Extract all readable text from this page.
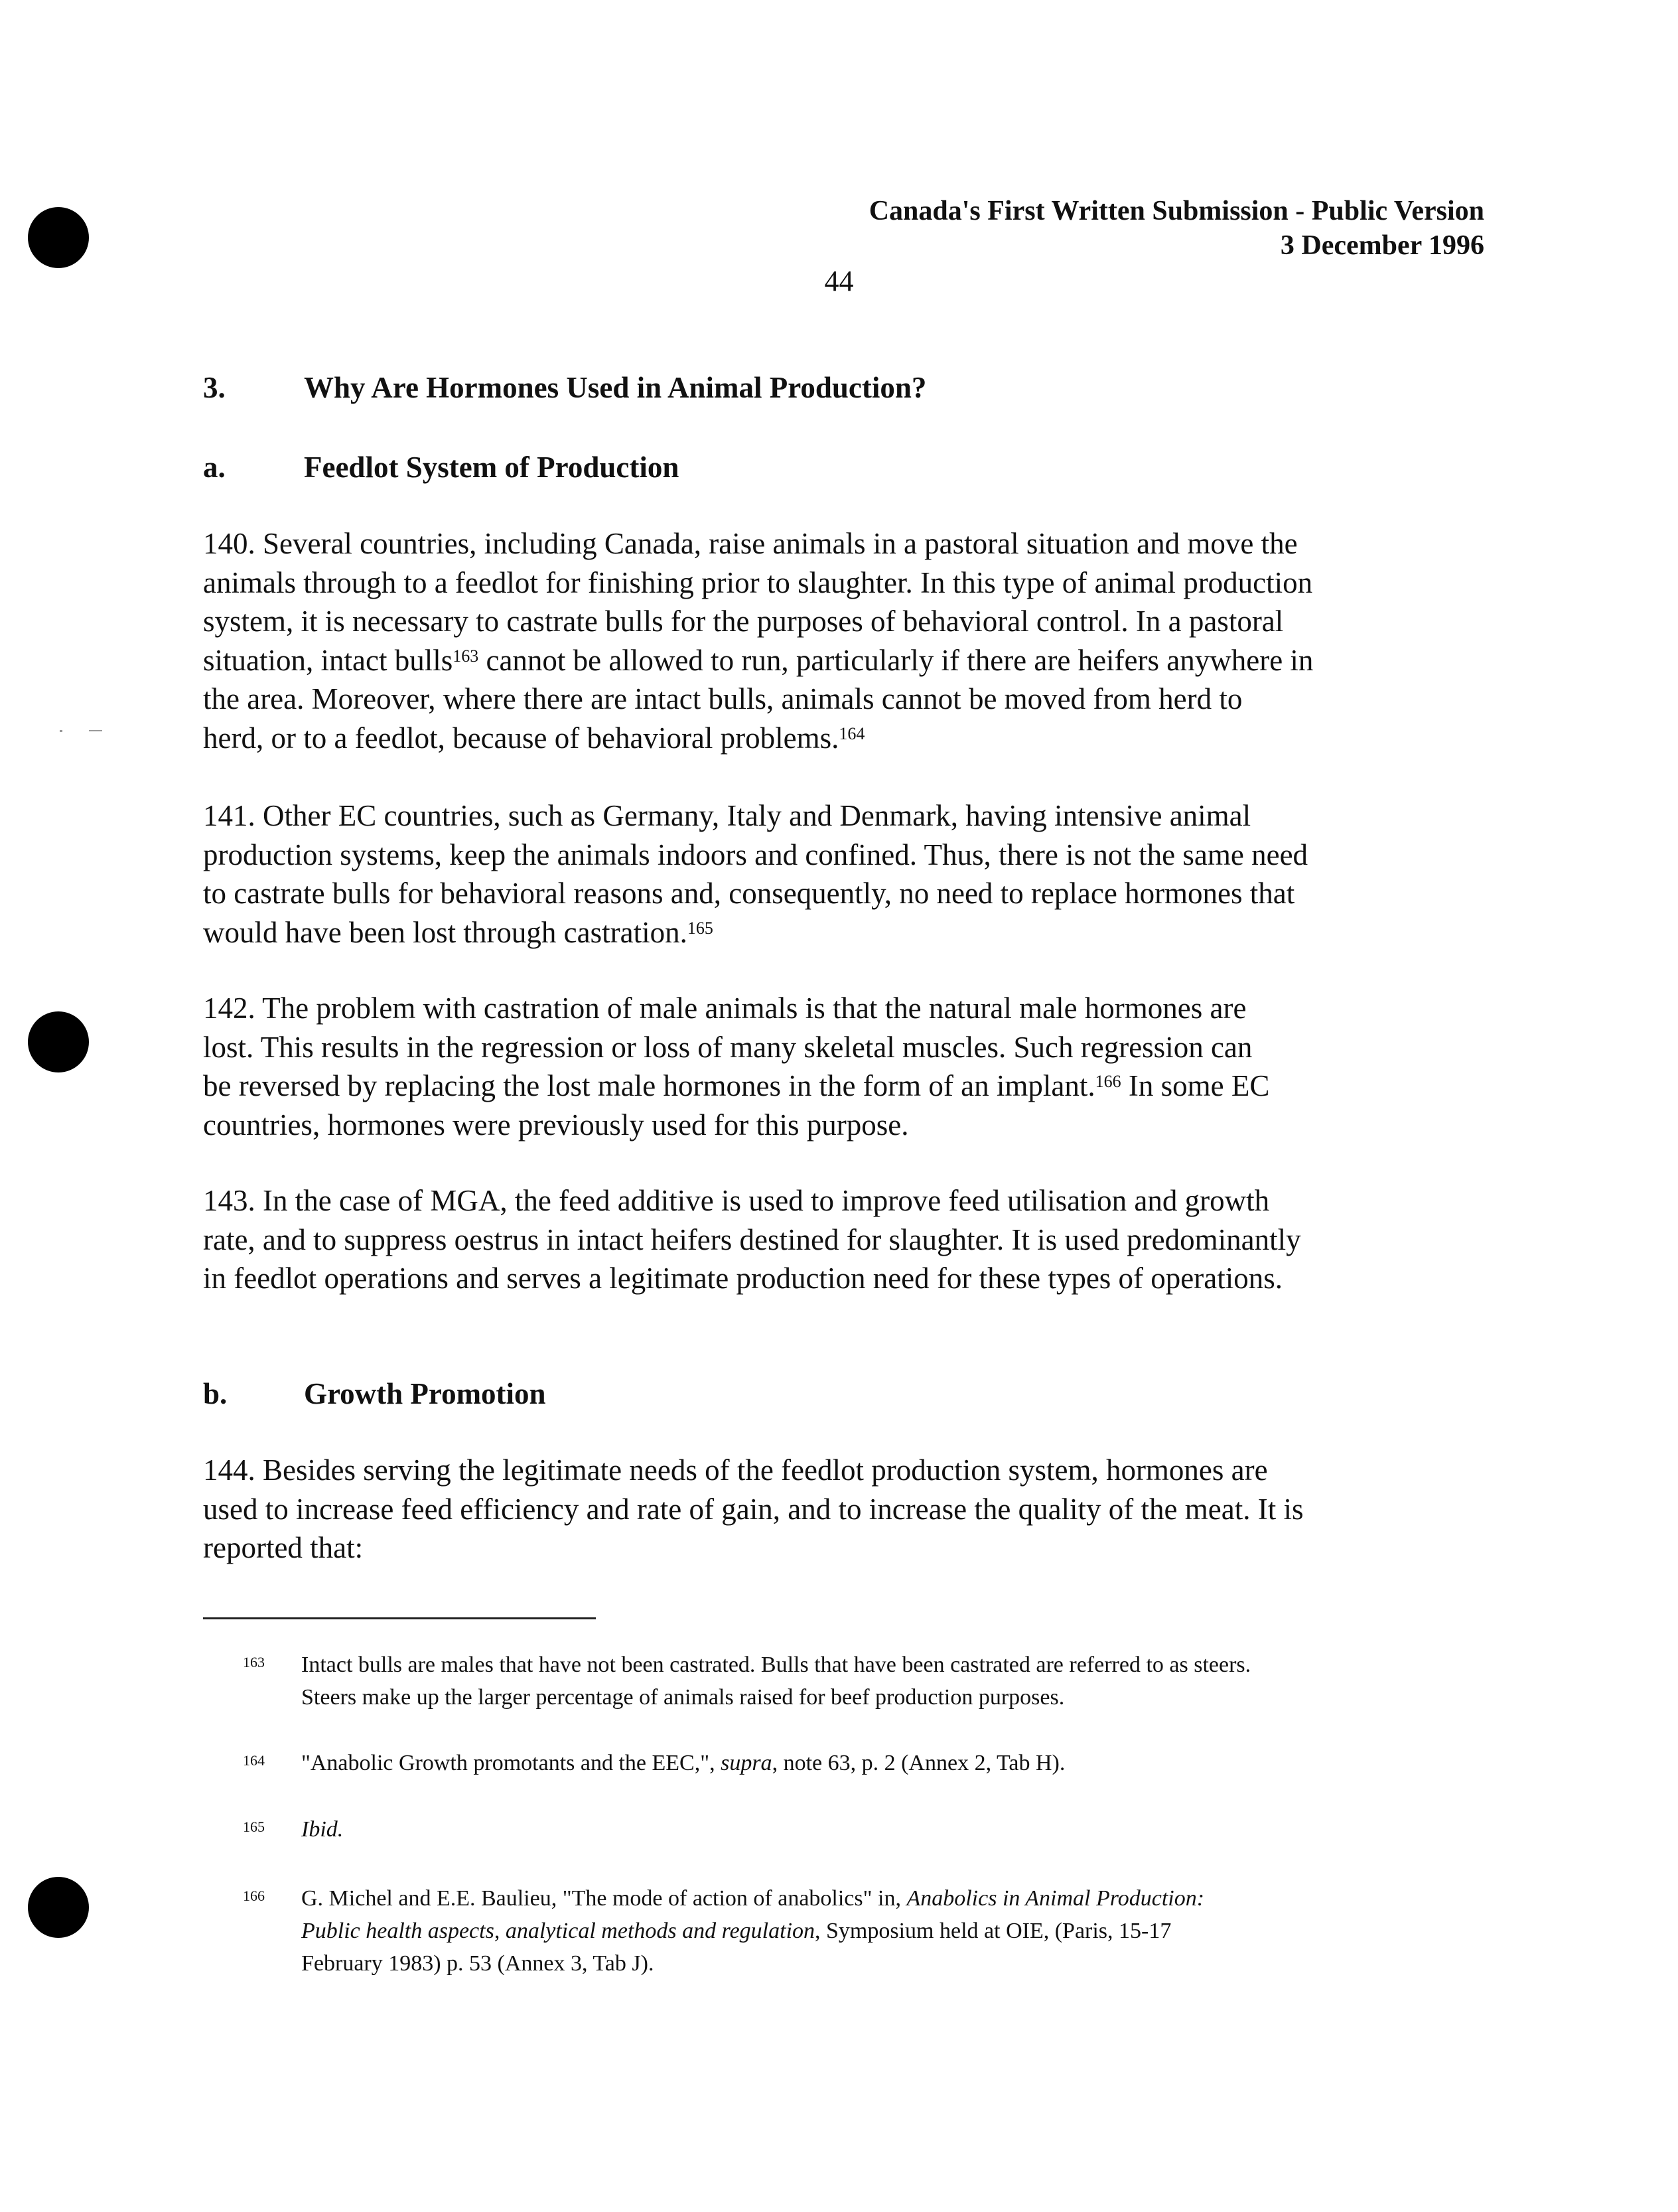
Canada's First Written Submission - Public Version
3 December 1996
44
3.	Why Are Hormones Used in Animal Production?
a.	Feedlot System of Production

140. Several countries, including Canada, raise animals in a pastoral situation and move the

animals through to a feedlot for finishing prior to slaughter. In this type of animal production

system, it is necessary to castrate bulls for the purposes of behavioral control. In a pastoral

situation, intact bulls$^{163}$ cannot be allowed to run, particularly if there are heifers anywhere in

the area. Moreover, where there are intact bulls, animals cannot be moved from herd to

herd, or to a feedlot, because of behavioral problems.$^{164}$

141. Other EC countries, such as Germany, Italy and Denmark, having intensive animal

production systems, keep the animals indoors and confined. Thus, there is not the same need

to castrate bulls for behavioral reasons and, consequently, no need to replace hormones that

would have been lost through castration.$^{165}$

142. The problem with castration of male animals is that the natural male hormones are

lost. This results in the regression or loss of many skeletal muscles. Such regression can

be reversed by replacing the lost male hormones in the form of an implant.$^{166}$ In some EC

countries, hormones were previously used for this purpose.

143. In the case of MGA, the feed additive is used to improve feed utilisation and growth

rate, and to suppress oestrus in intact heifers destined for slaughter. It is used predominantly

in feedlot operations and serves a legitimate production need for these types of operations.

b.	Growth Promotion

144. Besides serving the legitimate needs of the feedlot production system, hormones are

used to increase feed efficiency and rate of gain, and to increase the quality of the meat. It is

reported that:

163 Intact bulls are males that have not been castrated. Bulls that have been castrated are referred to as steers.
Steers make up the larger percentage of animals raised for beef production purposes.
164 "Anabolic Growth promotants and the EEC,", supra, note 63, p. 2 (Annex 2, Tab H).
165 Ibid.
166 G. Michel and E.E. Baulieu, "The mode of action of anabolics" in, Anabolics in Animal Production:
Public health aspects, analytical methods and regulation, Symposium held at OIE, (Paris, 15-17
February 1983) p. 53 (Annex 3, Tab J).
